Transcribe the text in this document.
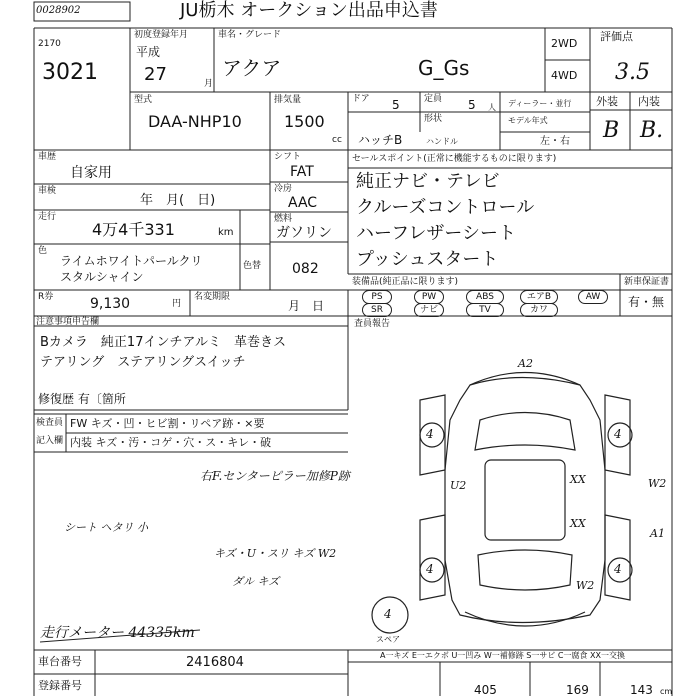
0028902	JU栃木 オークション出品申込書
2170
3021
初度登録年月
平成
27	月
車名・グレード
アクア	G_Gs
2WD
4WD
評価点
3.5
外装 内装
B B.
型式
DAA-NHP10
排気量
1500
cc
ドア 5	定員 5 人 ディーラー・並行
モデル年式
形状
ハッチB	ハンドル	左・右
車歴
自家用
車検
年　月(　日)
走行
4万4千331	km
色
ライムホワイトパールクリ
スタルシャイン
色替 082
シフト
FAT
冷房
AAC
燃料
ガソリン
セールスポイント(正常に機能するものに限ります)
純正ナビ・テレビ
クルーズコントロール
ハーフレザーシート
プッシュスタート
R券	9,130	円
名変期限
月　日
装備品(純正品に限ります)	新車保証書
有・無
PS	PW	ABS	エアB	AW
SR	ナビ	TV	カワ
注意事項申告欄
Bカメラ　純正17インチアルミ　革巻きス
テアリング　ステアリングスイッチ
修復歴 有〔箇所
査員報告
検査員
記入欄
FW キズ・凹・ヒビ割・リペア跡・×要
内装 キズ・汚・コゲ・穴・ス・キレ・破
右F.センターピラー加修P跡
シート ヘタリ 小
キズ・U・スリ キズ W2
ダル キズ
走行メーター 44335km
A2
U2	W2
XX
XX
W2
A1
4	4
4	4
4
スペア
A一キズ E一エクボ U一凹み W一補修跡 S一サビ C一腐食 XX一交換
車台番号	2416804
登録番号	405	169	143 cm
